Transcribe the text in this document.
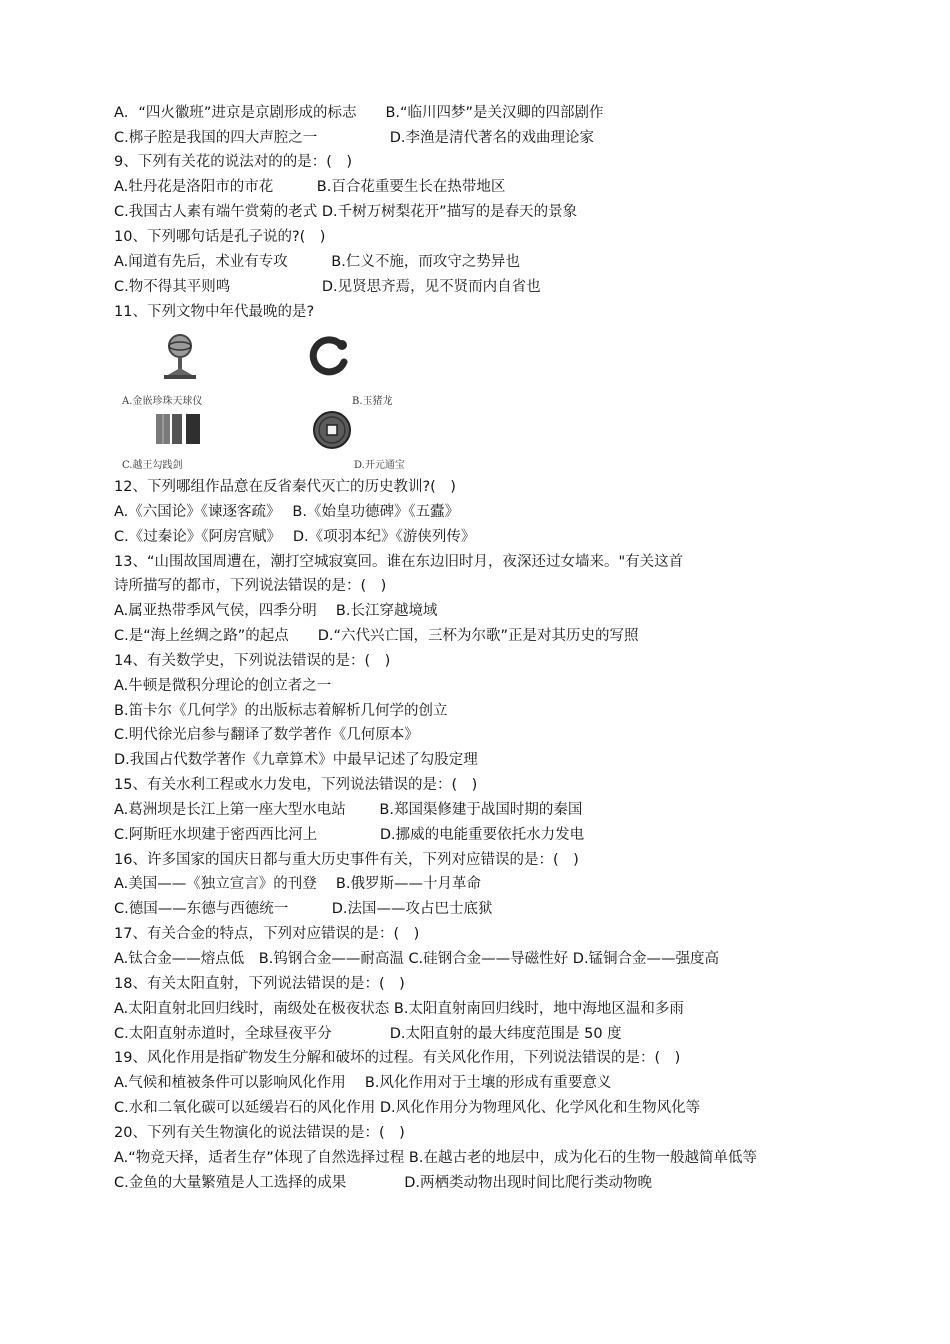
A．“四火徽班”进京是京剧形成的标志　　B.“临川四梦”是关汉卿的四部剧作
C.梆子腔是我国的四大声腔之一　　　　　D.李渔是清代著名的戏曲理论家
9、下列有关花的说法对的的是：(　)
A.牡丹花是洛阳市的市花　　　B.百合花重要生长在热带地区
C.我国古人素有端午赏菊的老式 D.千树万树梨花开”描写的是春天的景象
10、下列哪句话是孔子说的?(　)
A.闻道有先后，术业有专攻　　　B.仁义不施，而攻守之势异也
C.物不得其平则鸣　　　　　　 D.见贤思齐焉，见不贤而内自省也
11、下列文物中年代最晚的是?
A.金嵌珍珠天球仪	B.玉猪龙
C.越王勾践剑	D.开元通宝
12、下列哪组作品意在反省秦代灭亡的历史教训?(　)
A.《六国论》《谏逐客疏》　 B.《始皇功德碑》《五蠹》
C.《过秦论》《阿房宫赋》　 D.《项羽本纪》《游侠列传》
13、“山围故国周遭在，潮打空城寂寞回。谁在东边旧时月，夜深还过女墙来。"有关这首
诗所描写的都市，下列说法错误的是：(　)
A.属亚热带季风气侯，四季分明　 B.长江穿越境域
C.是“海上丝绸之路”的起点　　D.“六代兴亡国，三杯为尔歌”正是对其历史的写照
14、有关数学史，下列说法错误的是：(　)
A.牛顿是微积分理论的创立者之一
B.笛卡尔《几何学》的出版标志着解析几何学的创立
C.明代徐光启参与翻译了数学著作《几何原本》
D.我国占代数学著作《九章算术》中最早记述了勾股定理
15、有关水利工程或水力发电，下列说法错误的是：(　)
A.葛洲坝是长江上第一座大型水电站　　 B.郑国渠修建于战国时期的秦国
C.阿斯旺水坝建于密西西比河上　　　　 D.挪威的电能重要依托水力发电
16、许多国家的国庆日都与重大历史事件有关，下列对应错误的是：(　)
A.美国——《独立宣言》的刊登　 B.俄罗斯——十月革命
C.德国——东德与西德统一　　　D.法国——攻占巴士底狱
17、有关合金的特点，下列对应错误的是：(　)
A.钛合金——熔点低　B.钨钢合金——耐高温 C.硅钢合金——导磁性好 D.锰铜合金——强度高
18、有关太阳直射，下列说法错误的是：(　)
A.太阳直射北回归线时，南级处在极夜状态 B.太阳直射南回归线时，地中海地区温和多雨
C.太阳直射赤道时，全球昼夜平分　　　　D.太阳直射的最大纬度范围是 50 度
19、风化作用是指矿物发生分解和破坏的过程。有关风化作用，下列说法错误的是：(　)
A.气候和植被条件可以影响风化作用　 B.风化作用对于土壤的形成有重要意义
C.水和二氧化碳可以延缓岩石的风化作用 D.风化作用分为物理风化、化学风化和生物风化等
20、下列有关生物演化的说法错误的是：(　)
A.“物竞天择，适者生存”体现了自然选择过程 B.在越古老的地层中，成为化石的生物一般越简单低等
C.金鱼的大量繁殖是人工选择的成果　　　　D.两栖类动物出现时间比爬行类动物晚
